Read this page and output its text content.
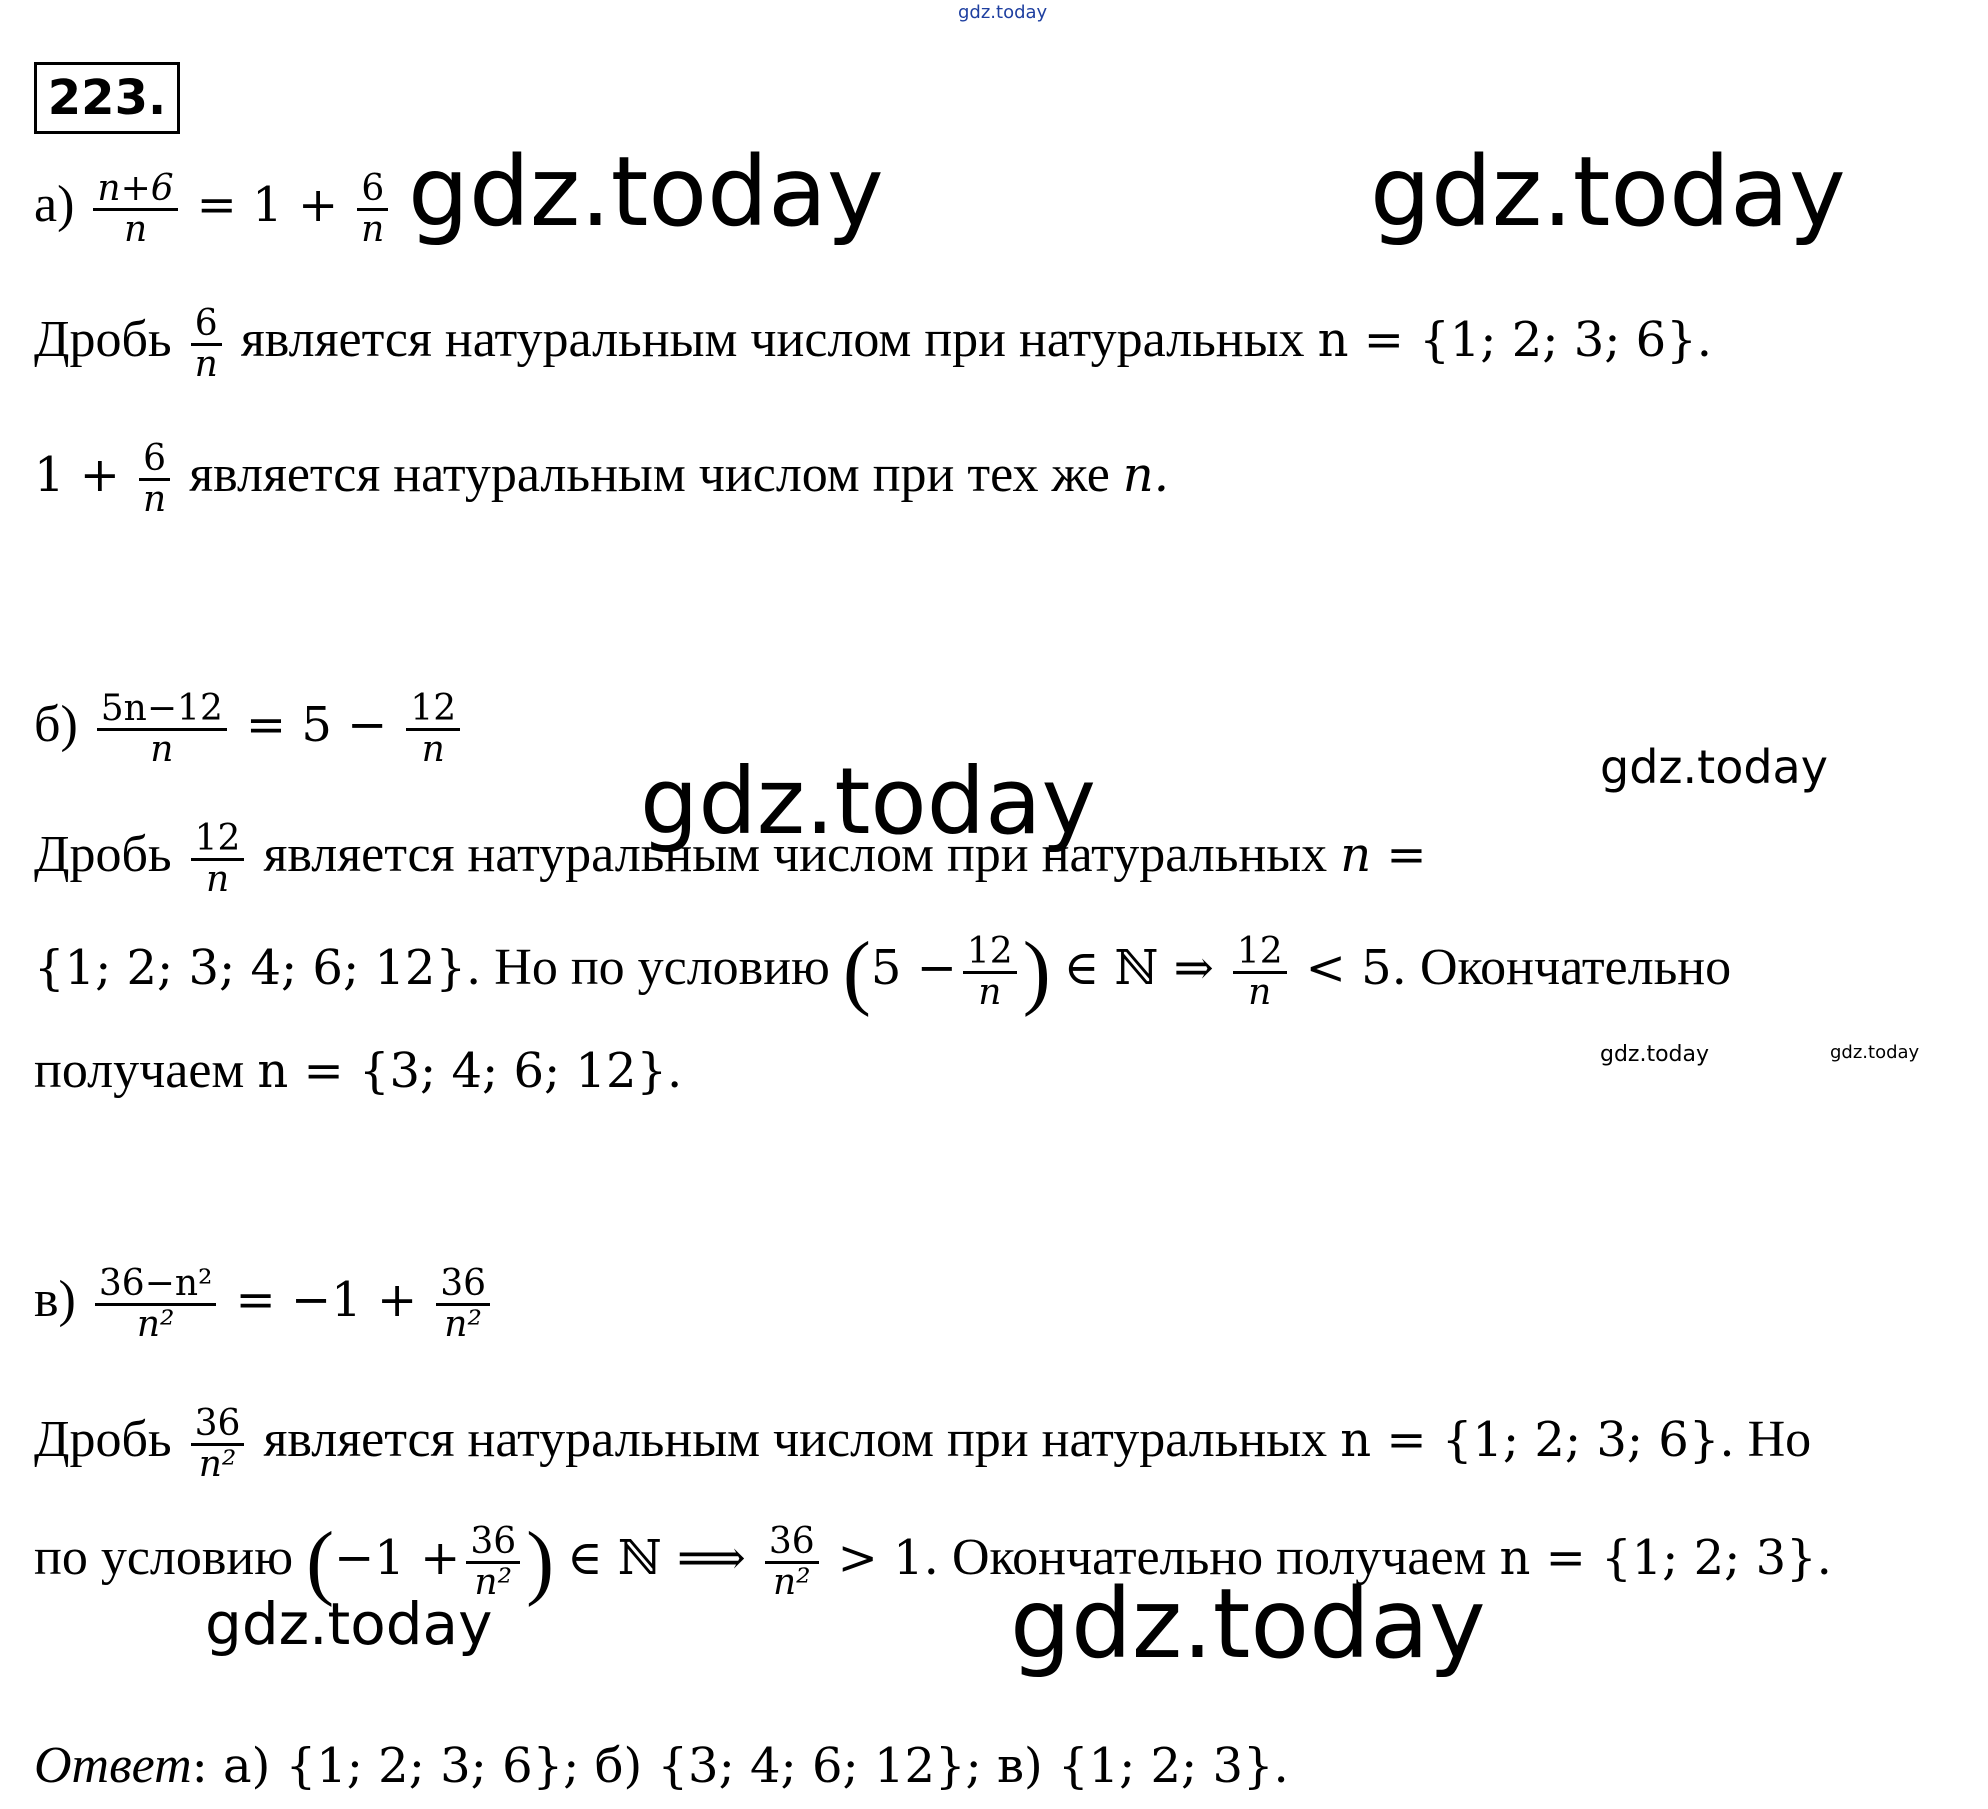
gdz.today
223.
$а) \frac{n+6}{n} = 1 + \frac{6}{n}$ gdz.today	gdz.today
Дробь $\frac{6}{n}$ является натуральным числом при натуральных n = {1; 2; 3; 6}.
$1 + \frac{6}{n}$ является натуральным числом при тех же n.
$б) \frac{5n-12}{n} = 5 - \frac{12}{n}$
gdz.today	gdz.today
Дробь $\frac{12}{n}$ является натуральным числом при натуральных n =
{1; 2; 3; 4; 6; 12}. Но по условию ($5 - \frac{12}{n}$ ) ∈ ℕ ⇒ $\frac{12}{n} < 5$. Окончательно
получаем n = {3; 4; 6; 12}.	gdz.today	gdz.today
$в) \frac{\text{36−n²}}{\text{n²}} = -1 + \frac{36}{\text{n²}}$
Дробь $\frac{36}{\text{n²}}$ является натуральным числом при натуральных n = {1; 2; 3; 6}. Но
по условию ($-1 + \frac{36}{\text{n²}}$ ) ∈ ℕ ⟹ $\frac{36}{\text{n²}} > 1$. Окончательно получаем n = {1; 2; 3}.
gdz.today	gdz.today
Ответ: а) {1; 2; 3; 6}; б) {3; 4; 6; 12}; в) {1; 2; 3}.
